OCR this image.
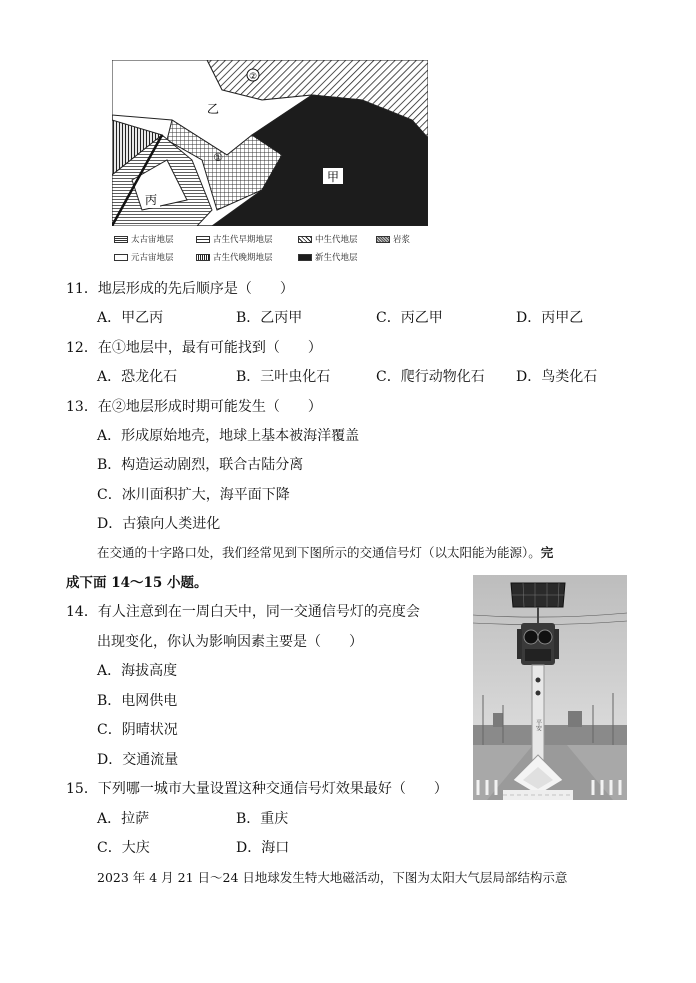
②
乙
①
甲
丙
太古宙地层	古生代早期地层	中生代地层	岩浆
元古宙地层	古生代晚期地层	新生代地层
11．地层形成的先后顺序是（　　）
A．甲乙丙	B．乙丙甲	C．丙乙甲	D．丙甲乙
12．在①地层中，最有可能找到（　　）
A．恐龙化石	B．三叶虫化石	C．爬行动物化石 D．鸟类化石
13．在②地层形成时期可能发生（　　）
A．形成原始地壳，地球上基本被海洋覆盖
B．构造运动剧烈，联合古陆分离
C．冰川面积扩大，海平面下降
D．古猿向人类进化
在交通的十字路口处，我们经常见到下图所示的交通信号灯（以太阳能为能源）。完
成下面 14～15 小题。
14．有人注意到在一周白天中，同一交通信号灯的亮度会
出现变化，你认为影响因素主要是（　　）
A．海拔高度
B．电网供电
C．阴晴状况
D．交通流量
15．下列哪一城市大量设置这种交通信号灯效果最好（　　）
A．拉萨	B．重庆
C．大庆	D．海口
2023 年 4 月 21 日～24 日地球发生特大地磁活动，下图为太阳大气层局部结构示意
平安
